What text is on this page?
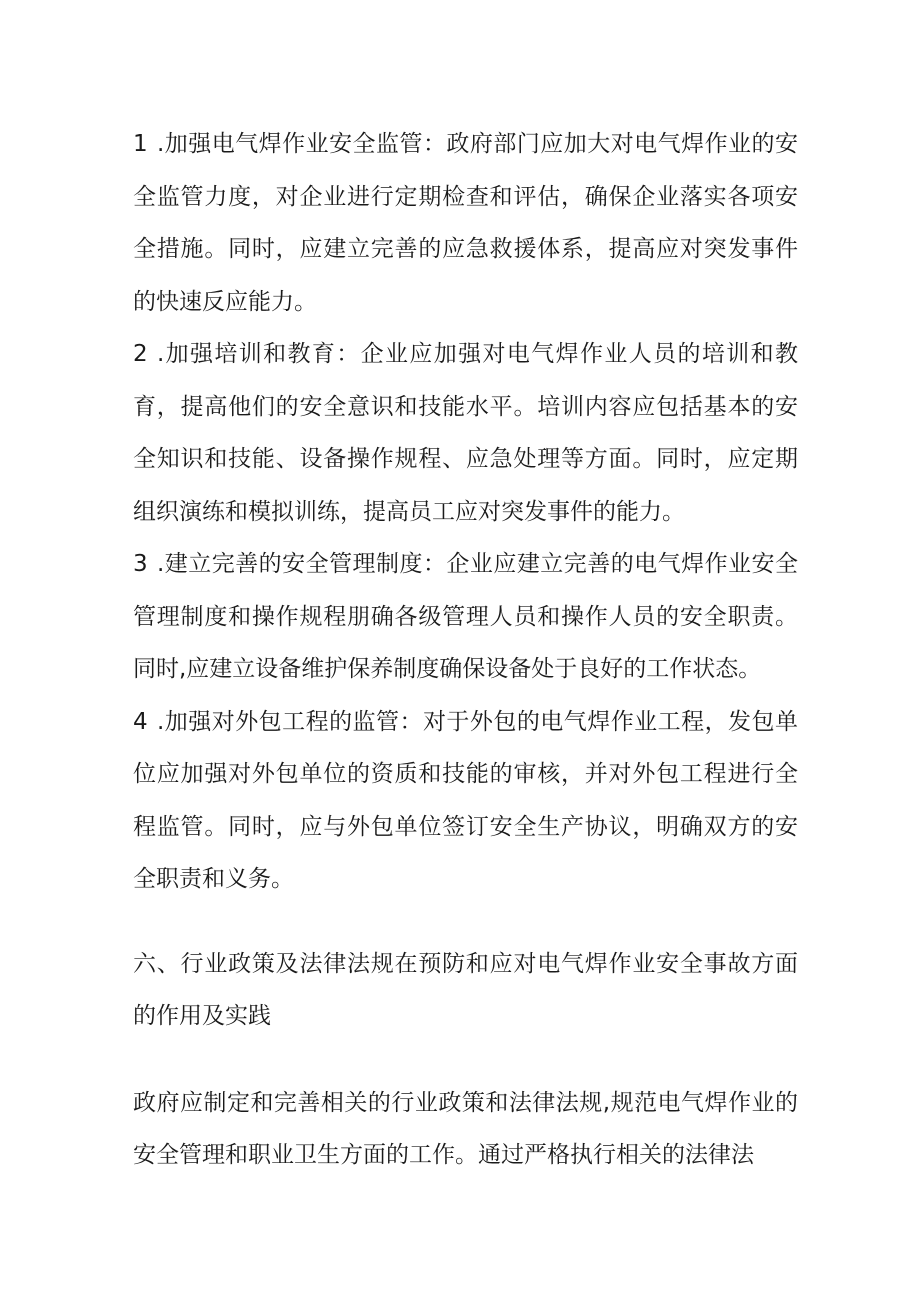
1 .加强电气焊作业安全监管：政府部门应加大对电气焊作业的安全监管力度，对企业进行定期检查和评估，确保企业落实各项安全措施。同时，应建立完善的应急救援体系，提高应对突发事件的快速反应能力。

2 .加强培训和教育：企业应加强对电气焊作业人员的培训和教育，提高他们的安全意识和技能水平。培训内容应包括基本的安全知识和技能、设备操作规程、应急处理等方面。同时，应定期组织演练和模拟训练，提高员工应对突发事件的能力。

3 .建立完善的安全管理制度：企业应建立完善的电气焊作业安全管理制度和操作规程朋确各级管理人员和操作人员的安全职责。同时,应建立设备维护保养制度确保设备处于良好的工作状态。

4 .加强对外包工程的监管：对于外包的电气焊作业工程，发包单位应加强对外包单位的资质和技能的审核，并对外包工程进行全程监管。同时，应与外包单位签订安全生产协议，明确双方的安全职责和义务。

六、行业政策及法律法规在预防和应对电气焊作业安全事故方面的作用及实践

政府应制定和完善相关的行业政策和法律法规,规范电气焊作业的安全管理和职业卫生方面的工作。通过严格执行相关的法律法
